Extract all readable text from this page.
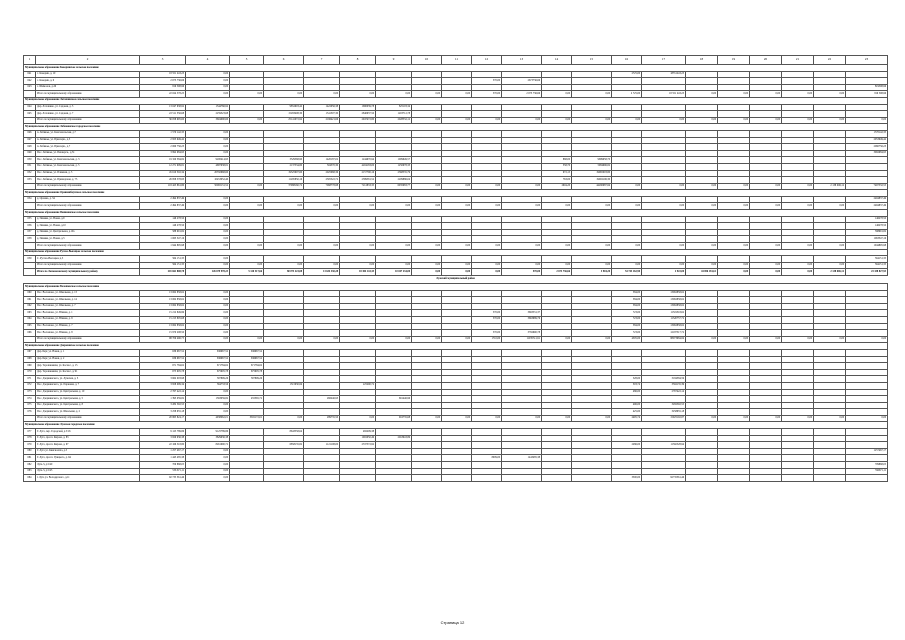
1	2	3	4	5	6	7	8	9	10	11	12	13	14	15	16	17	18	19	20	21	22	23
Муниципальное образование Кокоринское сельское поселение																						
641	с. Кокорин, д. 10	18 551 243,23	0,00												2725,00	18551243,23						
642	с. Кокорин, д. 6	2 673 736,66	0,00								570,00	2673736,66										
643	с. Шимолов, д.26	819 598,96	0,00																			819598,96
	Итого по муниципальному образованию	22 024 578,25	0,00	0,00	0,00	0,00	0,00	0,00	0,00	0,00	570,00	2 673 736,66	0,00	0,00	2 725,00	18 551 243,23	0,00	0,00	0,00	0,00	0,00	819 598,96
Муниципальное образование Лотошинское сельское поселение																						
644	Дер. Лотошино, ул. Садовая, д. 5	13 047 638,92	1344766,92		9852903,42	1422056,38	1680039,78	825103,34														
645	Дер. Лотошино, ул. Садовая, д. 7	22 511 356,68	2259323,68		15283408,30	1541307,30	2840937,50	1203712,78														
	Итого по муниципальному образованию	36 058 995,60	3604090,60	0,00	25141072,92	2196421,66	2947472,80	2028532,12	0,00	0,00	0,00	0,00	0,00	0,00	0,00	0,00	0,00	0,00	0,00	0,00	0,00	0,00
Муниципальное образование Лебяжинское городское поселение																						
646	п. Лебяжье, ул. Комсомольская, д.7	1 570 142,35	0,00																			1570142,35
647	п. Лебяжье, ул. Приозерн., д.5	2 953 949,42	0,00																			2953949,42
648	п. Лебяжье, ул. Приозерн., д.7	2 060 756,23	0,00																			2060756,23
649	Пос. Лебяжье, ул. Пионерск., д.31	3 992 984,95	0,00																			3992984,95
650	Пос. Лебяжье, ул. Комсомольская, д. 3	19 320 384,82	9200414,95		3529568,90	1420187,02	1244970,94	1009649,57					868,00	9689958,70								
651	Пос. Лебяжье, ул. Комсомольская, д. 5	12 271 909,81	4687938,81		2137534,80	504570,30	4204183,00	1250978,33					358,70	5984996,82								
652	Пос. Лебяжье, ул. Пляжная, д. 5	45 610 302,34	20350668,60		19325907,60	2025068,36	2157790,16	2368535,79					972,15	19965003,80								
653	Пос. Лебяжье, ул. Приморская, д. 75	26 858 578,83	10453052,40		11295850,16	2305522,72	2389581,52	2209886,04					763,00	19902106,30								
	Итого по муниципальному образованию	118 425 861,80	50065131,52	0,00	37988160,72	7068778,88	7212833,35	6935983,77	0,00	0,00	0,00	0,00	2604,20	44290987,84	0,00	0,00	0,00	0,00	0,00	0,00	2 138 006,12	7497532,55
Муниципальное образование Ораниенбаумское сельское поселение																						
654	д. Оранжа, д. 34	2 494 837,49	0,00																			2494837,49
	Итого по муниципальному образованию	2 494 837,49	0,00	0,00	0,00	0,00	0,00	0,00	0,00	0,00	0,00	0,00	0,00	0,00	0,00	0,00	0,00	0,00	0,00	0,00	0,00	2494837,49
Муниципальное образование Пеникинское сельское поселение																						
655	д. Пеники, ул. Новая, д.9	146 278,50	0,00																			146278,50
656	д. Пеники, ул. Новая, д.10	146 278,50	0,00																			146278,50
657	д. Пеники, ул. Центральная, д.19а	588 991,82	0,00																			588991,82
658	д. Пеники, ул. Новая, д.3	1 063 347,16	0,00																			1063347,16
	Итого по муниципальному образованию	1 944 895,98	0,00	0,00	0,00	0,00	0,00	0,00	0,00	0,00	0,00	0,00	0,00	0,00	0,00	0,00	0,00	0,00	0,00	0,00	0,00	1944895,98
Муниципальное образование Русско-Высоцкое сельское поселение																						
659	С. Русско-Высоцкое д.5	564 151,35	0,00																			564151,35
	Итого по муниципальному образованию	564 151,35	0,00	0,00	0,00	0,00	0,00	0,00	0,00	0,00	0,00	0,00	0,00	0,00	0,00	0,00	0,00	0,00	0,00	0,00	0,00	564151,35
	Итого по Ломоносовскому муниципальному району	201 661 808,78	126 679 978,23	5 120 317,66	80 073 223,08	13 634 330,28	18 304 143,35	10 047 234,00	0,00	0,00	0,00	570,00	2 673 736,66	3 904,20	54 743 162,90	2 922,00	44 856 181,61	0,00	0,00	0,00	2 138 006,12	23 338 827,93
Лужский муниципальный район																						
Муниципальное образование Волошовское сельское поселение																						
660	Пос. Волошово, ул. Школьная, д. 13	13 062 858,62	0,00												584,00	13062858,62						
661	Пос. Волошово, ул. Школьная, д. 14	13 062 858,62	0,00												584,00	13062858,62						
662	Пос. Волошово, ул. Школьная, д. 7	13 062 858,62	0,00												584,00	13062858,62						
663	Пос. Волошово, ул. Южная, д. 1	15 212 849,99	0,00								570,00	3693531,37			723,00	11519318,62						
664	Пос. Волошово, ул. Южная, д. 9	15 215 805,68	0,00								570,00	3663689,76			723,00	11520757,72						
665	Пос. Волошово, ул. Южная, д. 7	13 062 858,62	0,00												584,00	13062858,62						
666	Пос. Волошово, ул. Южная, д. 8	15 970 208,50	0,00								570,00	3792690,78			723,00	12187517,72						
	Итого по муниципальному образованию	98 709 496,75	0,00	0,00	0,00	0,00	0,00	0,00	0,00	0,00	1710,00	11035511,91	0,00	0,00	4505,00	88073984,84	0,00	0,00	0,00	0,00	0,00	0,00
Муниципальное образование Дзержинское сельское поселение																						
667	Дер. Берг, ул. Новая, д. 1	636 967,52	636967,52	636967,52																		
668	Дер. Берг, ул. Новая, д. 2	636 967,52	636967,52	636967,52																		
669	Дер. Торошковичи, ул. Космос, д. 15	671 784,62	671784,62	671784,62																		
670	Дер. Торошковичи, ул. Космос, д. 91	675 905,78	675905,78	675905,78																		
671	Пос. Дзержинского, ул. Лужская, д. 3	3 662 003,98	397899,26	397899,26											528,00	3184384,59						
672	Пос. Дзержинского, ул. Парковая, д. 7	3 958 099,34	364733,56		1315930,84		225290,72								303,74	3592135,39						
673	Пос. Дзержинского, ул. Центральная, д. 10	2 767 422,14	0,00												486,00	2767422,14						
674	Пос. Дзержинского, ул. Центральная, д. 5	1 393 059,82	1393059,82	455365,72		266246,93		691446,96														
675	Пос. Дзержинского, ул. Центральная, д. 8	3 282 592,55	0,00												496,00	3282592,55						
676	Пос. Дзержинского, ул. Школьная, д. 2	3 258 655,18	0,00												425,00	3258655,18						
	Итого по муниципальному образованию	20 865 824,17	4938062,01	3631172,61	0,00	289735,50	0,00	916735,68	0,00	0,00	0,00	0,00	0,00	0,00	2495,74	15925192,87	0,00	0,00	0,00	0,00	0,00	0,00
Муниципальное образование Лужское городское поселение																						
677	Г. Луга, пер. Городской, д.5/16	9 125 789,86	9125789,86		8643558,64		482209,38															
678	Г. Луга, просп. Кирова, д. 83	3 829 936,38	3829936,38				1902050,49	2018943,89														
679	Г. Луга, просп. Кирова, д. 97	22 166 518,80	8261990,72		6858135,82	1121108,00	2537572,92								2286,00	11592528,94						
680	Г. Луга ул. Кингисеппа, д.3	1 257 467,17	0,00																			1257467,17
681	Г. Луга, просп. Урицкого, д. 64	1 443 485,38	0,00								8009,00	1443485,38										
682	Луга-3, д.5/40	709 868,05	0,00																			709868,05
683	Луга-3, д.5/45	556 671,11	0,00																			556671,11
684	г. Луга ул. Володарского, д.11	92 735 361,46	0,00												3500,00	92735361,46						
Страница 12
